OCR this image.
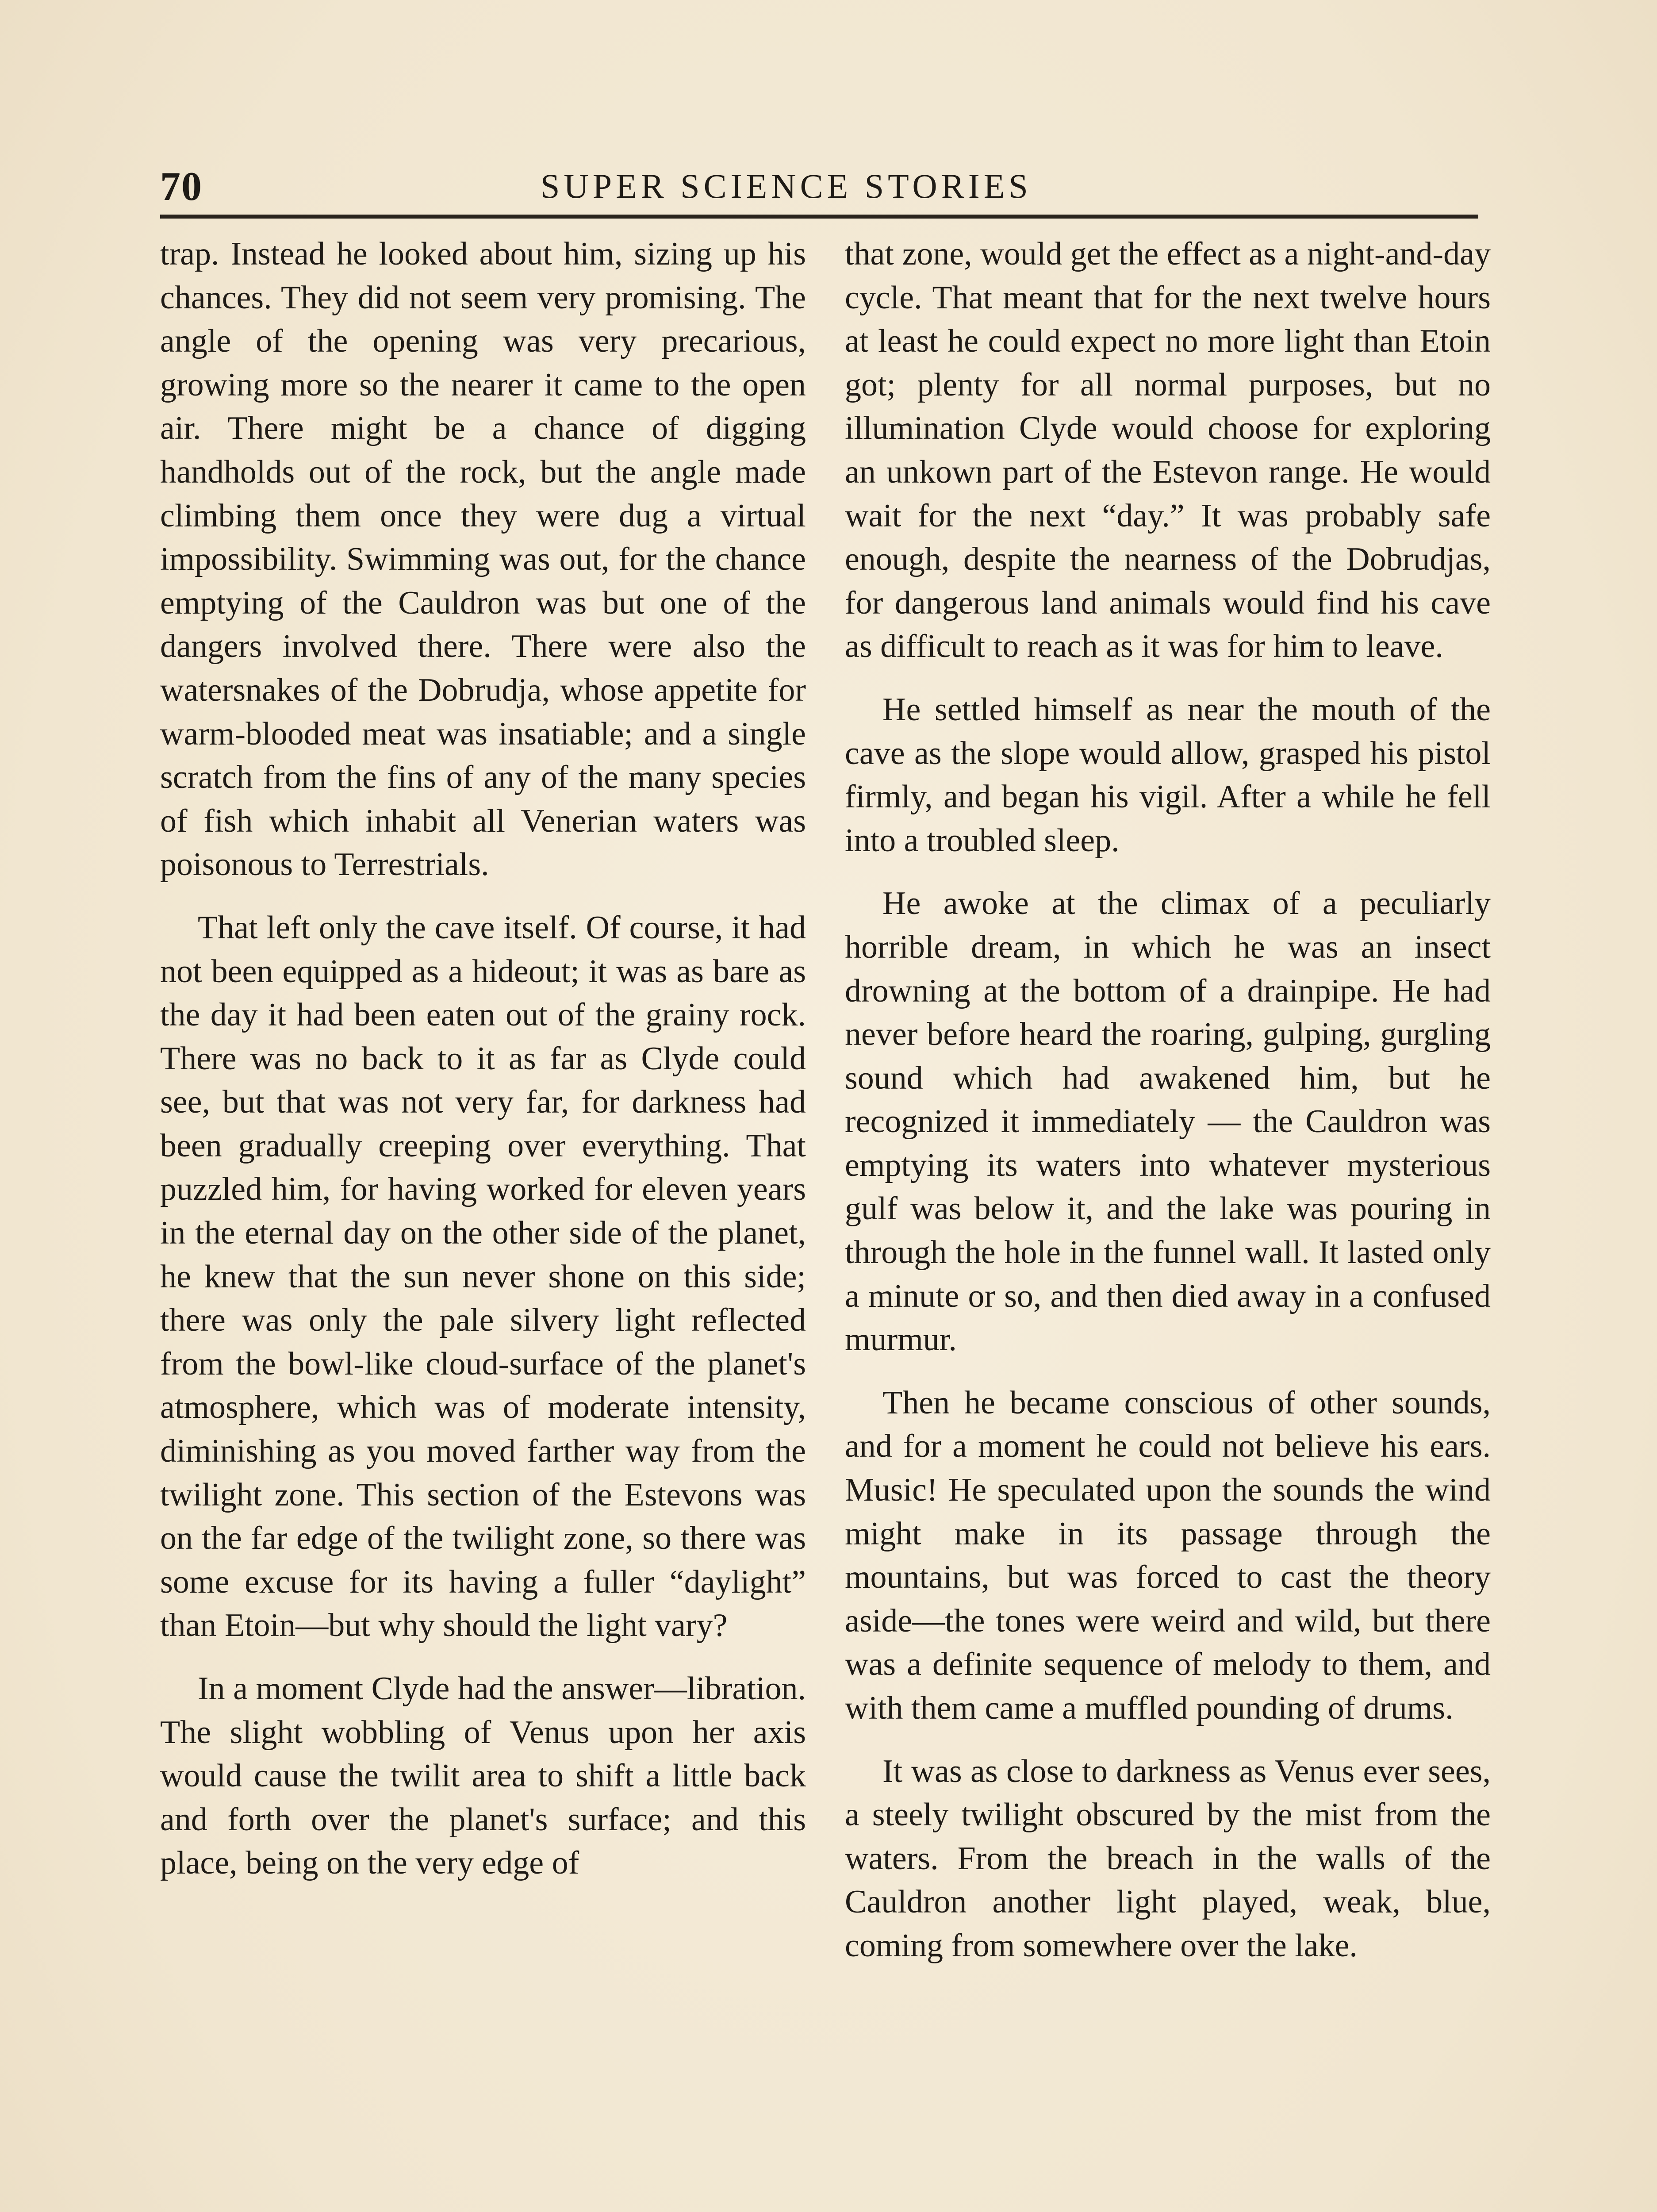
70	SUPER SCIENCE STORIES

trap. Instead he looked about him, sizing up his chances. They did not seem very promising. The angle of the opening was very precarious, growing more so the nearer it came to the open air. There might be a chance of digging handholds out of the rock, but the angle made climbing them once they were dug a virtual impossibility. Swimming was out, for the chance emptying of the Cauldron was but one of the dangers involved there. There were also the watersnakes of the Dobrudja, whose appetite for warm-blooded meat was insatiable; and a single scratch from the fins of any of the many species of fish which inhabit all Venerian waters was poisonous to Terrestrials.

That left only the cave itself. Of course, it had not been equipped as a hideout; it was as bare as the day it had been eaten out of the grainy rock. There was no back to it as far as Clyde could see, but that was not very far, for darkness had been gradually creeping over everything. That puzzled him, for having worked for eleven years in the eternal day on the other side of the planet, he knew that the sun never shone on this side; there was only the pale silvery light reflected from the bowl-like cloud-surface of the planet's atmosphere, which was of moderate intensity, diminishing as you moved farther way from the twilight zone. This section of the Estevons was on the far edge of the twilight zone, so there was some excuse for its having a fuller “daylight” than Etoin—but why should the light vary?

In a moment Clyde had the answer—libration. The slight wobbling of Venus upon her axis would cause the twilit area to shift a little back and forth over the planet's surface; and this place, being on the very edge of

that zone, would get the effect as a night-and-day cycle. That meant that for the next twelve hours at least he could expect no more light than Etoin got; plenty for all normal purposes, but no illumination Clyde would choose for exploring an unkown part of the Estevon range. He would wait for the next “day.” It was probably safe enough, despite the nearness of the Dobrudjas, for dangerous land animals would find his cave as difficult to reach as it was for him to leave.

He settled himself as near the mouth of the cave as the slope would allow, grasped his pistol firmly, and began his vigil. After a while he fell into a troubled sleep.

He awoke at the climax of a peculiarly horrible dream, in which he was an insect drowning at the bottom of a drainpipe. He had never before heard the roaring, gulping, gurgling sound which had awakened him, but he recognized it immediately — the Cauldron was emptying its waters into whatever mysterious gulf was below it, and the lake was pouring in through the hole in the funnel wall. It lasted only a minute or so, and then died away in a confused murmur.

Then he became conscious of other sounds, and for a moment he could not believe his ears. Music! He speculated upon the sounds the wind might make in its passage through the mountains, but was forced to cast the theory aside—the tones were weird and wild, but there was a definite sequence of melody to them, and with them came a muffled pounding of drums.

It was as close to darkness as Venus ever sees, a steely twilight obscured by the mist from the waters. From the breach in the walls of the Cauldron another light played, weak, blue, coming from somewhere over the lake.
